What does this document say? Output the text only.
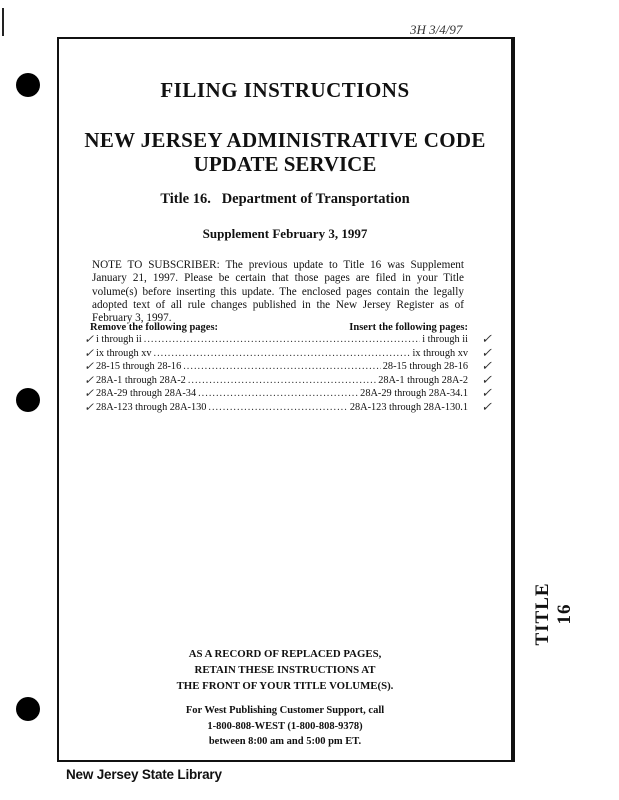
3H 3/4/97
TITLE 16
FILING INSTRUCTIONS
NEW JERSEY ADMINISTRATIVE CODE
UPDATE SERVICE
Title 16.   Department of Transportation
Supplement February 3, 1997
NOTE TO SUBSCRIBER: The previous update to Title 16 was Supplement January 21, 1997. Please be certain that those pages are filed in your Title volume(s) before inserting this update. The enclosed pages contain the legally adopted text of all rule changes published in the New Jersey Register as of February 3, 1997.
Remove the following pages:	Insert the following pages:
✓ i through ii .....	i through ii ✓
✓ ix through xv .....	ix through xv ✓
✓ 28-15 through 28-16 .....	28-15 through 28-16 ✓
✓ 28A-1 through 28A-2 .....	28A-1 through 28A-2 ✓
✓ 28A-29 through 28A-34 .....	28A-29 through 28A-34.1 ✓
✓ 28A-123 through 28A-130 .....	28A-123 through 28A-130.1 ✓
AS A RECORD OF REPLACED PAGES,
RETAIN THESE INSTRUCTIONS AT
THE FRONT OF YOUR TITLE VOLUME(S).
For West Publishing Customer Support, call
1-800-808-WEST (1-800-808-9378)
between 8:00 am and 5:00 pm ET.
New Jersey State Library
